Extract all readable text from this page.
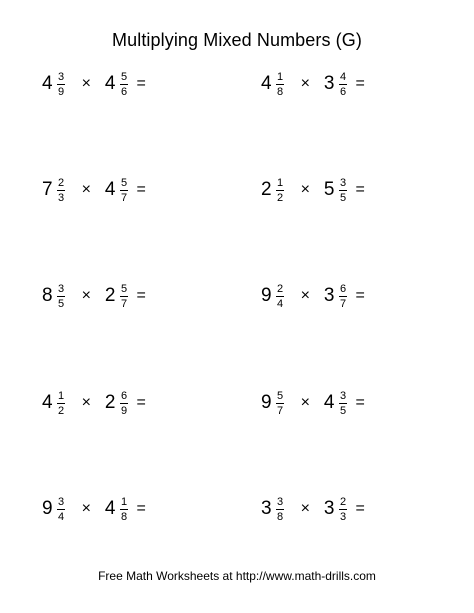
Multiplying Mixed Numbers (G)
$4 \frac{3}{9} \times 4 \frac{5}{6}$ =	$4 \frac{1}{8} \times 3 \frac{4}{6}$ =
$7 \frac{2}{3} \times 4 \frac{5}{7}$ =	$2 \frac{1}{2} \times 5 \frac{3}{5}$ =
$8 \frac{3}{5} \times 2 \frac{5}{7}$ =	$9 \frac{2}{4} \times 3 \frac{6}{7}$ =
$4 \frac{1}{2} \times 2 \frac{6}{9}$ =	$9 \frac{5}{7} \times 4 \frac{3}{5}$ =
$9 \frac{3}{4} \times 4 \frac{1}{8}$ =	$3 \frac{3}{8} \times 3 \frac{2}{3}$ =
Free Math Worksheets at http://www.math-drills.com
